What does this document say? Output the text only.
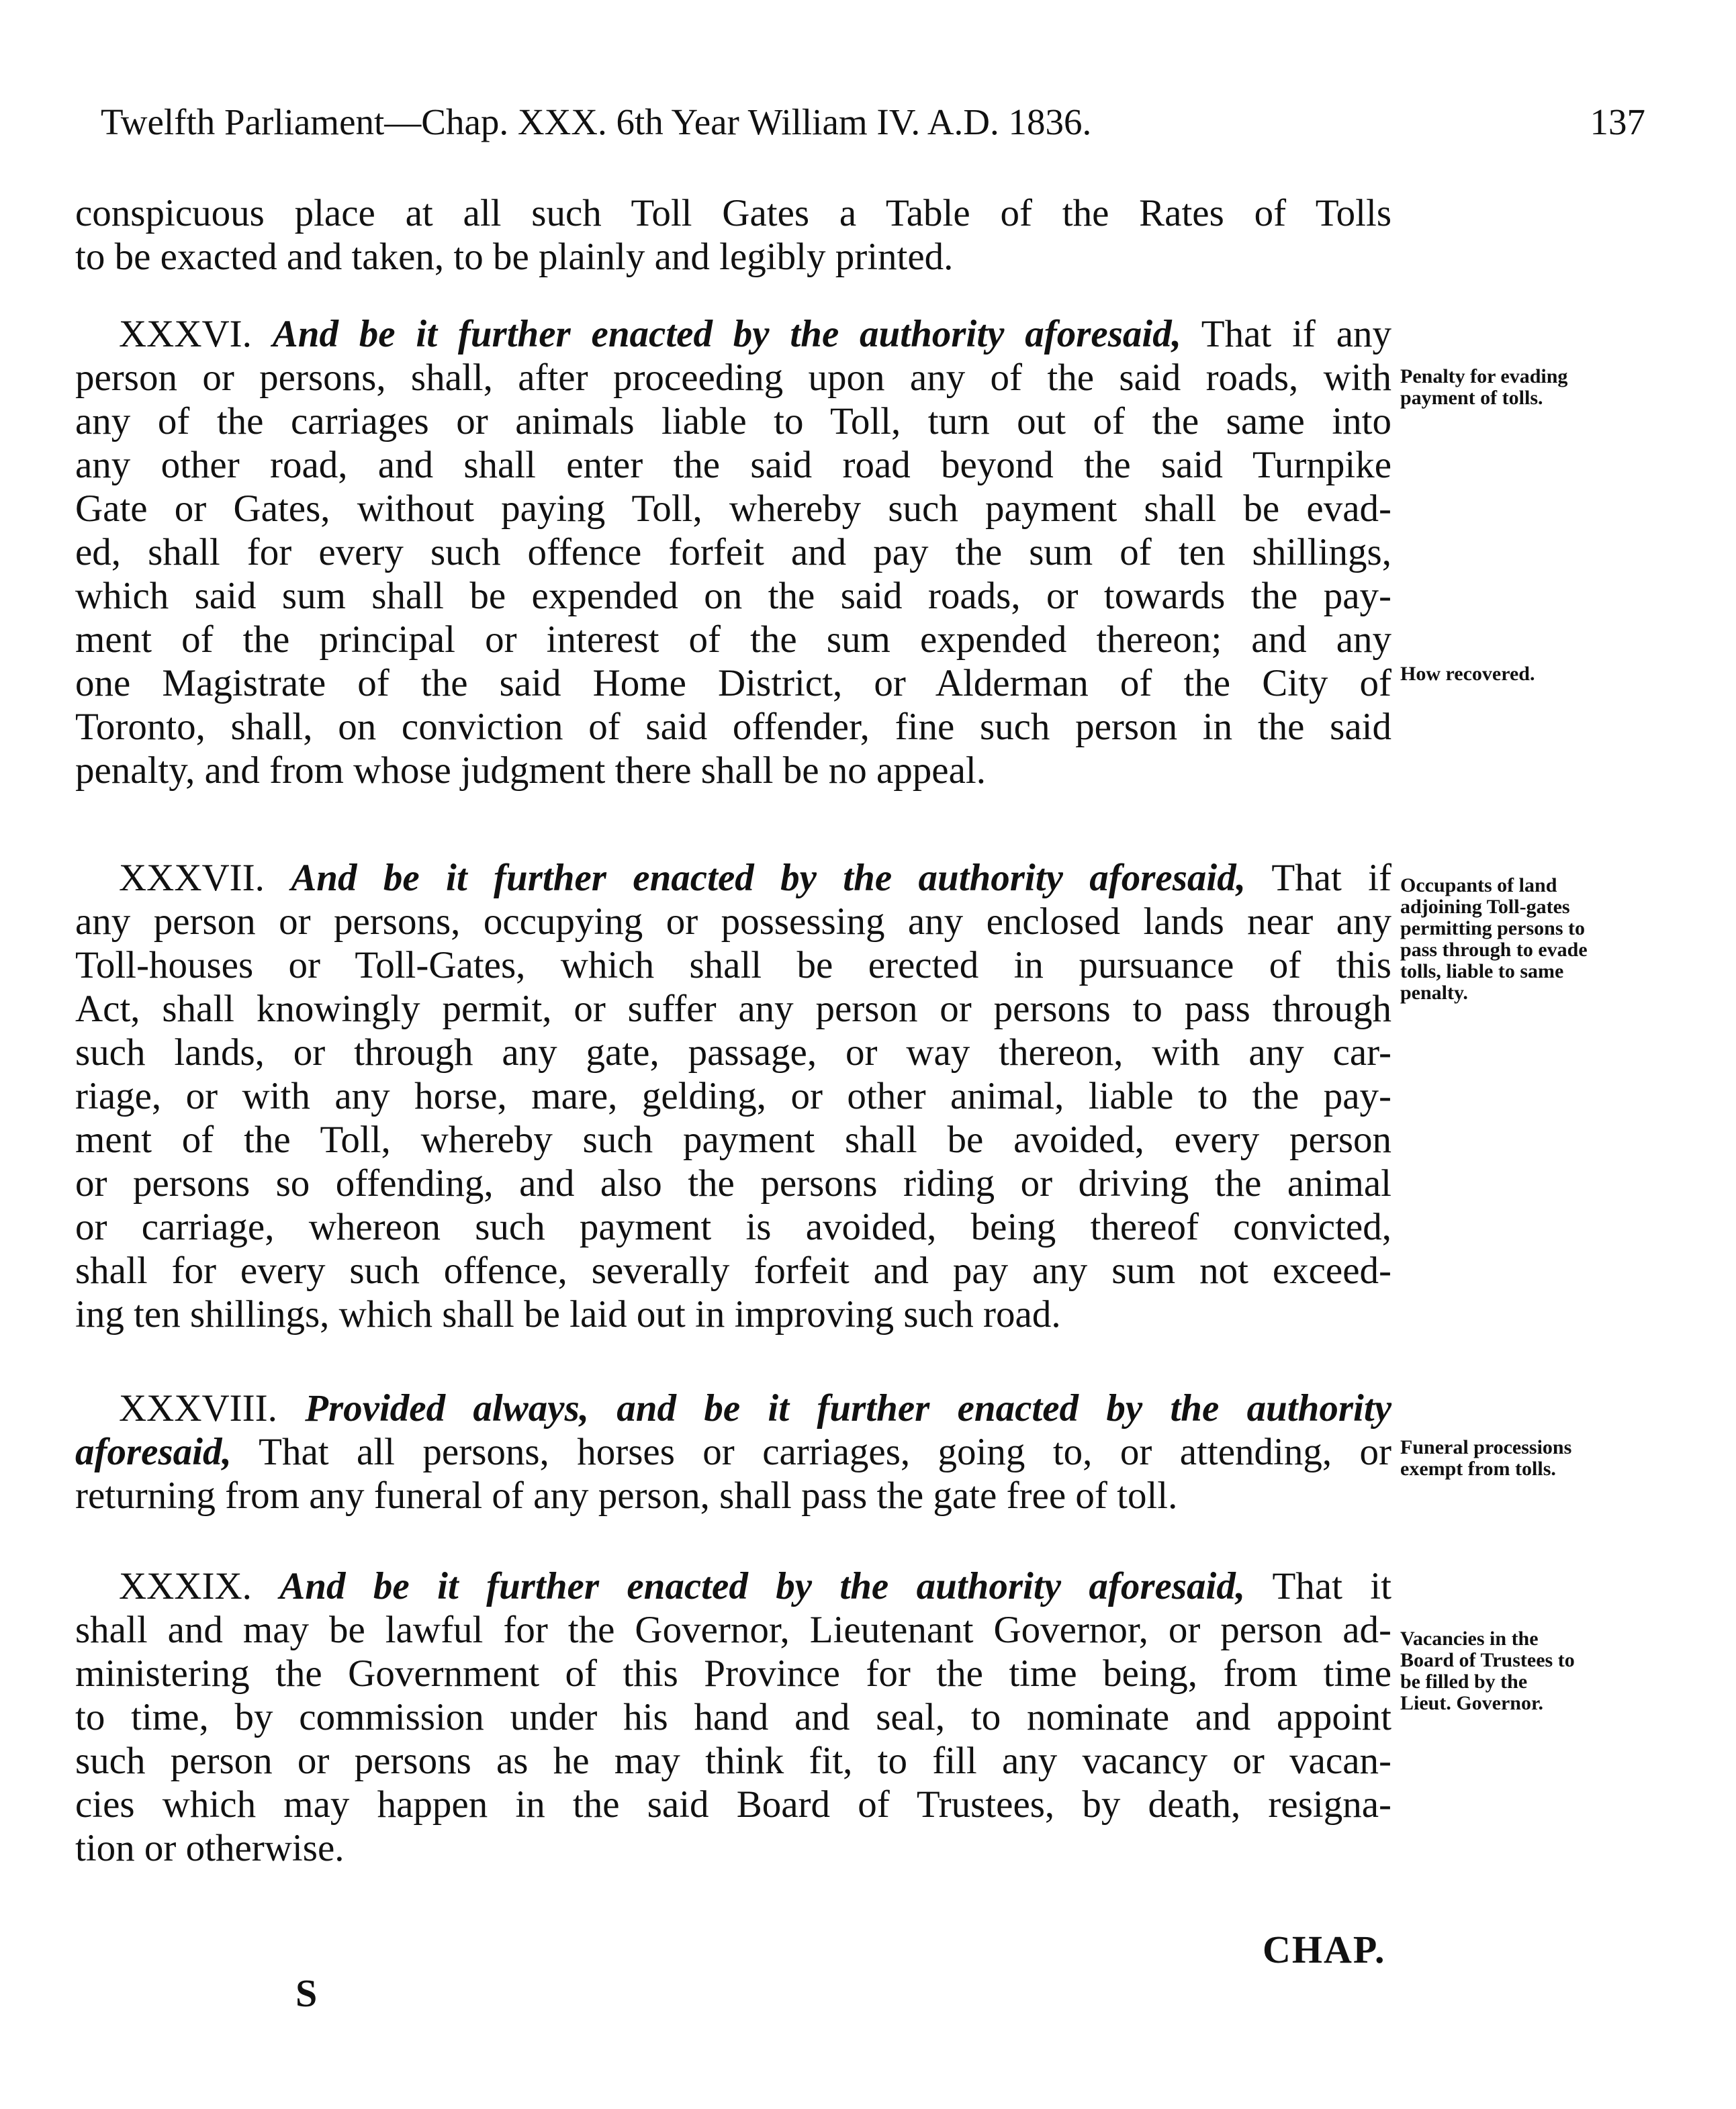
Twelfth Parliament—Chap. XXX. 6th Year William IV. A.D. 1836.	137
conspicuous place at all such Toll Gates a Table of the Rates of Tolls
to be exacted and taken, to be plainly and legibly printed.
XXXVI. And be it further enacted by the authority aforesaid, That if any
person or persons, shall, after proceeding upon any of the said roads, with
any of the carriages or animals liable to Toll, turn out of the same into
any other road, and shall enter the said road beyond the said Turnpike
Gate or Gates, without paying Toll, whereby such payment shall be evad-
ed, shall for every such offence forfeit and pay the sum of ten shillings,
which said sum shall be expended on the said roads, or towards the pay-
ment of the principal or interest of the sum expended thereon; and any
one Magistrate of the said Home District, or Alderman of the City of
Toronto, shall, on conviction of said offender, fine such person in the said
penalty, and from whose judgment there shall be no appeal.
Penalty for evading
payment of tolls.
How recovered.
XXXVII. And be it further enacted by the authority aforesaid, That if
any person or persons, occupying or possessing any enclosed lands near any
Toll-houses or Toll-Gates, which shall be erected in pursuance of this
Act, shall knowingly permit, or suffer any person or persons to pass through
such lands, or through any gate, passage, or way thereon, with any car-
riage, or with any horse, mare, gelding, or other animal, liable to the pay-
ment of the Toll, whereby such payment shall be avoided, every person
or persons so offending, and also the persons riding or driving the animal
or carriage, whereon such payment is avoided, being thereof convicted,
shall for every such offence, severally forfeit and pay any sum not exceed-
ing ten shillings, which shall be laid out in improving such road.
Occupants of land
adjoining Toll-gates
permitting persons to
pass through to evade
tolls, liable to same
penalty.
XXXVIII. Provided always, and be it further enacted by the authority
aforesaid, That all persons, horses or carriages, going to, or attending, or
returning from any funeral of any person, shall pass the gate free of toll.
Funeral processions
exempt from tolls.
XXXIX. And be it further enacted by the authority aforesaid, That it
shall and may be lawful for the Governor, Lieutenant Governor, or person ad-
ministering the Government of this Province for the time being, from time
to time, by commission under his hand and seal, to nominate and appoint
such person or persons as he may think fit, to fill any vacancy or vacan-
cies which may happen in the said Board of Trustees, by death, resigna-
tion or otherwise.
Vacancies in the
Board of Trustees to
be filled by the
Lieut. Governor.
CHAP.
S
